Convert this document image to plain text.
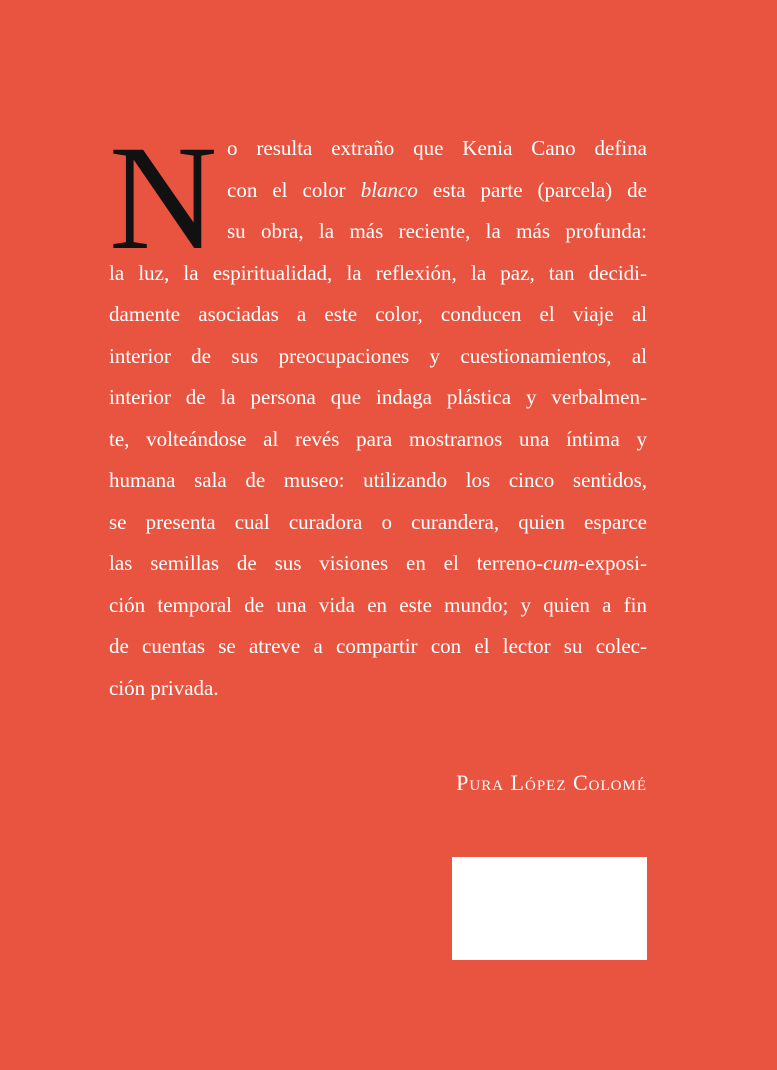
N o resulta extraño que Kenia Cano defina
con el color blanco esta parte (parcela) de
su obra, la más reciente, la más profunda:
la luz, la espiritualidad, la reflexión, la paz, tan decidi-
damente asociadas a este color, conducen el viaje al
interior de sus preocupaciones y cuestionamientos, al
interior de la persona que indaga plástica y verbalmen-
te, volteándose al revés para mostrarnos una íntima y
humana sala de museo: utilizando los cinco sentidos,
se presenta cual curadora o curandera, quien esparce
las semillas de sus visiones en el terreno-cum-exposi-
ción temporal de una vida en este mundo; y quien a fin
de cuentas se atreve a compartir con el lector su colec-
ción privada.
Pura López Colomé
